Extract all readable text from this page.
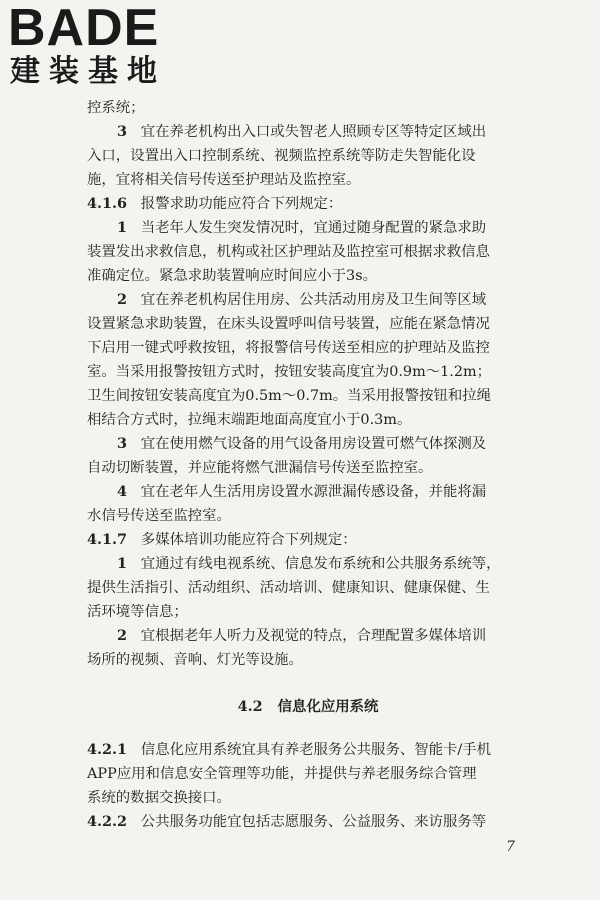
BADE
建装基地
控系统；
3 宜在养老机构出入口或失智老人照顾专区等特定区域出
入口，设置出入口控制系统、视频监控系统等防走失智能化设
施，宜将相关信号传送至护理站及监控室。
4.1.6 报警求助功能应符合下列规定：
1 当老年人发生突发情况时，宜通过随身配置的紧急求助
装置发出求救信息，机构或社区护理站及监控室可根据求救信息
准确定位。紧急求助装置响应时间应小于3s。
2 宜在养老机构居住用房、公共活动用房及卫生间等区域
设置紧急求助装置，在床头设置呼叫信号装置，应能在紧急情况
下启用一键式呼救按钮，将报警信号传送至相应的护理站及监控
室。当采用报警按钮方式时，按钮安装高度宜为0.9m～1.2m；
卫生间按钮安装高度宜为0.5m～0.7m。当采用报警按钮和拉绳
相结合方式时，拉绳末端距地面高度宜小于0.3m。
3 宜在使用燃气设备的用气设备用房设置可燃气体探测及
自动切断装置，并应能将燃气泄漏信号传送至监控室。
4 宜在老年人生活用房设置水源泄漏传感设备，并能将漏
水信号传送至监控室。
4.1.7 多媒体培训功能应符合下列规定：
1 宜通过有线电视系统、信息发布系统和公共服务系统等，
提供生活指引、活动组织、活动培训、健康知识、健康保健、生
活环境等信息；
2 宜根据老年人听力及视觉的特点，合理配置多媒体培训
场所的视频、音响、灯光等设施。
4.2 信息化应用系统
4.2.1 信息化应用系统宜具有养老服务公共服务、智能卡/手机
APP应用和信息安全管理等功能，并提供与养老服务综合管理
系统的数据交换接口。
4.2.2 公共服务功能宜包括志愿服务、公益服务、来访服务等
7
